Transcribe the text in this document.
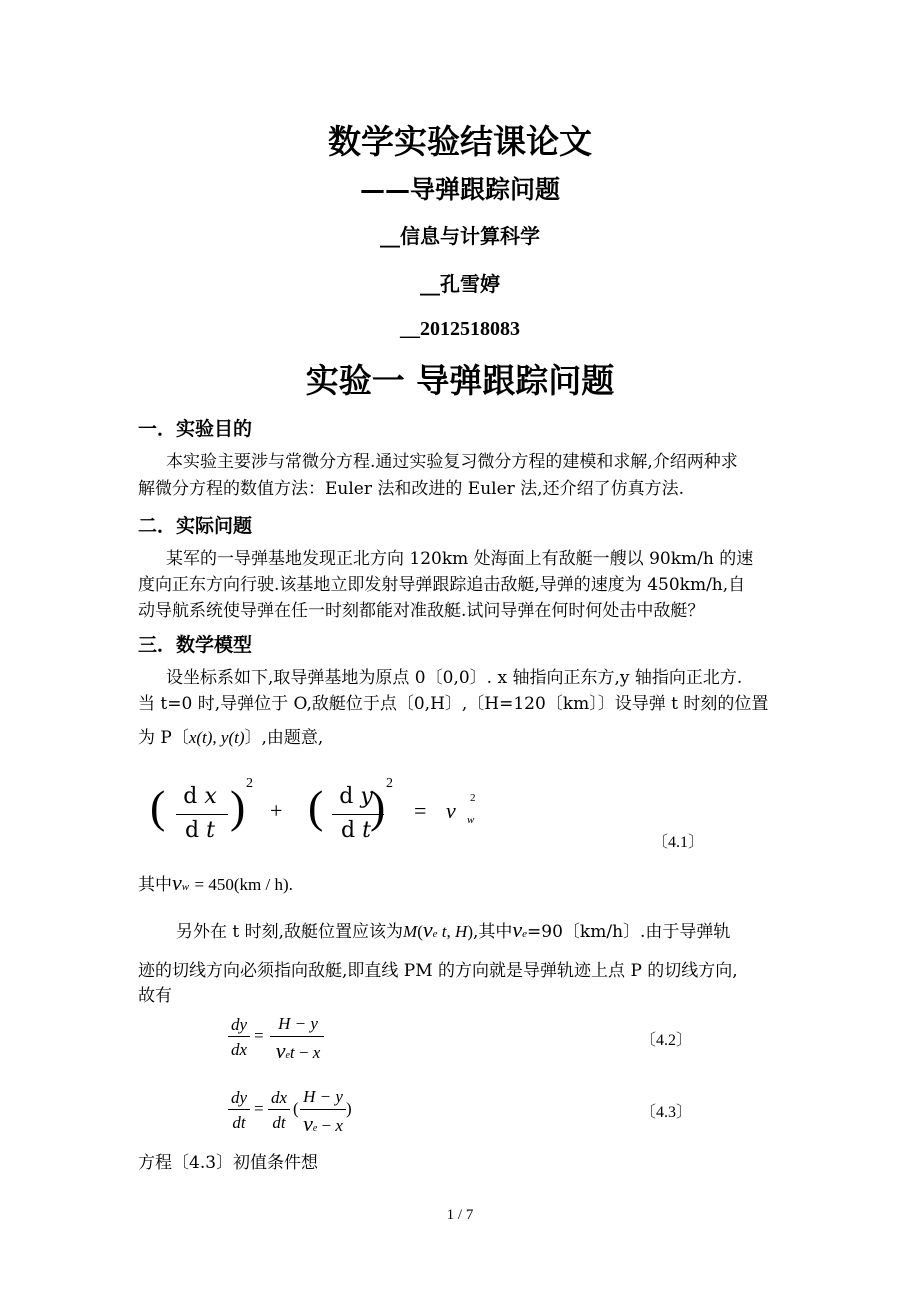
数学实验结课论文
——导弹跟踪问题
__信息与计算科学
__孔雪婷
__2012518083
实验一 导弹跟踪问题
一．实验目的
本实验主要涉与常微分方程.通过实验复习微分方程的建模和求解,介绍两种求
解微分方程的数值方法：Euler 法和改进的 Euler 法,还介绍了仿真方法.
二．实际问题
某军的一导弹基地发现正北方向 120km 处海面上有敌艇一艘以 90km/h 的速
度向正东方向行驶.该基地立即发射导弹跟踪追击敌艇,导弹的速度为 450km/h,自
动导航系统使导弹在任一时刻都能对准敌艇.试问导弹在何时何处击中敌艇？
三．数学模型
设坐标系如下,取导弹基地为原点 0〔0,0〕. x 轴指向正东方,y 轴指向正北方.
当 t=0 时,导弹位于 O,敌艇位于点〔0,H〕,〔H=120〔km〕〕设导弹 t 时刻的位置
为 P〔x(t), y(t)〕,由题意,
( d x
d t ) 2
+ ( d y
d t ) 2
= v 2
w
〔4.1〕
其中vw = 450(km / h).
另外在 t 时刻,敌艇位置应该为M(ve t, H),其中ve=90〔km/h〕.由于导弹轨
迹的切线方向必须指向敌艇,即直线 PM 的方向就是导弹轨迹上点 P 的切线方向,
故有
dy
dx
=
H − y
vet − x
〔4.2〕
dy
dt
=
dx
dt
(
H − y
ve − x
)	〔4.3〕
方程〔4.3〕初值条件想
1 / 7
